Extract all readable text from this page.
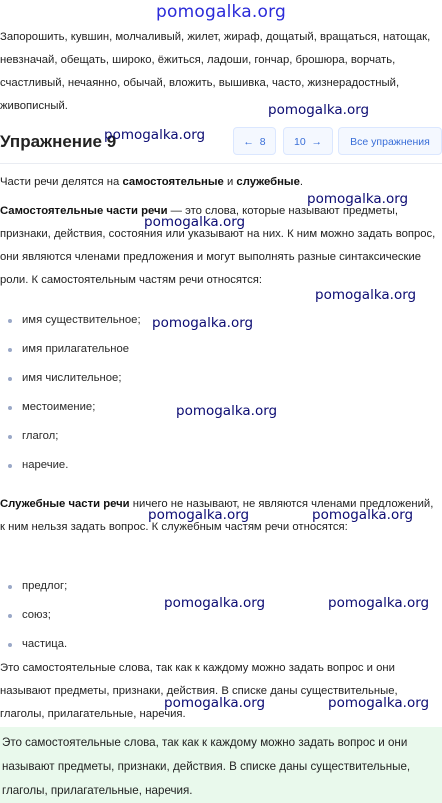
pomogalka.org

Запорошить, кувшин, молчаливый, жилет, жираф, дощатый, вращаться, натощак, невзначай, обещать, широко, ёжиться, ладоши, гончар, брошюра, ворчать, счастливый, нечаянно, обычай, вложить, вышивка, часто, жизнерадостный, живописный.

Упражнение 9	← 8	10 →	Все упражнения

Части речи делятся на самостоятельные и служебные.

Самостоятельные части речи — это слова, которые называют предметы, признаки, действия, состояния или указывают на них. К ним можно задать вопрос, они являются членами предложения и могут выполнять разные синтаксические роли. К самостоятельным частям речи относятся:

имя существительное;
имя прилагательное
имя числительное;
местоимение;
глагол;
наречие.

Служебные части речи ничего не называют, не являются членами предложений, к ним нельзя задать вопрос. К служебным частям речи относятся:

предлог;
союз;
частица.

Это самостоятельные слова, так как к каждому можно задать вопрос и они называют предметы, признаки, действия. В списке даны существительные, глаголы, прилагательные, наречия.

Это самостоятельные слова, так как к каждому можно задать вопрос и они называют предметы, признаки, действия. В списке даны существительные, глаголы, прилагательные, наречия.

pomogalka.org
pomogalka.org
pomogalka.org
pomogalka.org
pomogalka.org
pomogalka.org
pomogalka.org
pomogalka.org	pomogalka.org
pomogalka.org	pomogalka.org
pomogalka.org	pomogalka.org
